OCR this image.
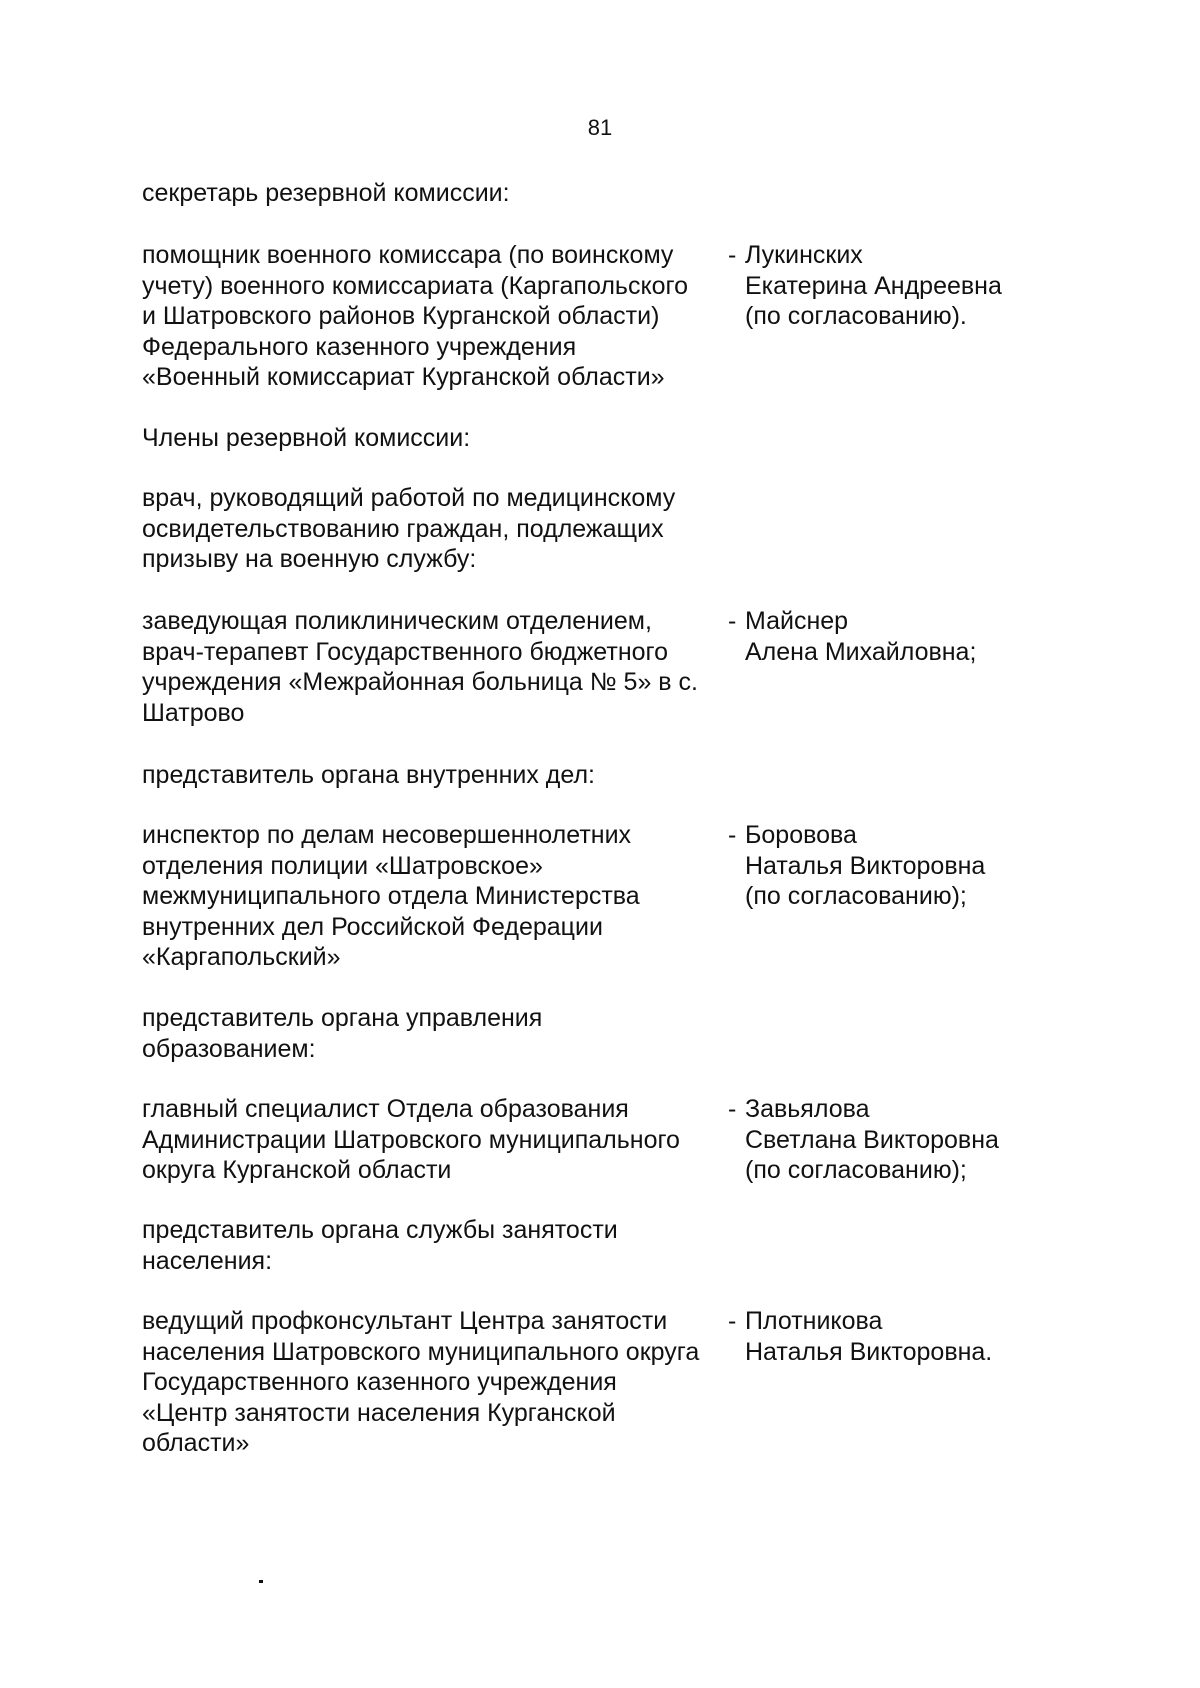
81
секретарь резервной комиссии:
помощник военного комиссара (по воинскому
учету) военного комиссариата (Каргапольского
и Шатровского районов Курганской области)
Федерального казенного учреждения
«Военный комиссариат Курганской области»
- Лукинских
Екатерина Андреевна
(по согласованию).
Члены резервной комиссии:
врач, руководящий работой по медицинскому
освидетельствованию граждан, подлежащих
призыву на военную службу:
заведующая поликлиническим отделением,
врач-терапевт Государственного бюджетного
учреждения «Межрайонная больница № 5» в с.
Шатрово
- Майснер
Алена Михайловна;
представитель органа внутренних дел:
инспектор по делам несовершеннолетних
отделения полиции «Шатровское»
межмуниципального отдела Министерства
внутренних дел Российской Федерации
«Каргапольский»
- Боровова
Наталья Викторовна
(по согласованию);
представитель органа управления
образованием:
главный специалист Отдела образования
Администрации Шатровского муниципального
округа Курганской области
- Завьялова
Светлана Викторовна
(по согласованию);
представитель органа службы занятости
населения:
ведущий профконсультант Центра занятости
населения Шатровского муниципального округа
Государственного казенного учреждения
«Центр занятости населения Курганской
области»
- Плотникова
Наталья Викторовна.
